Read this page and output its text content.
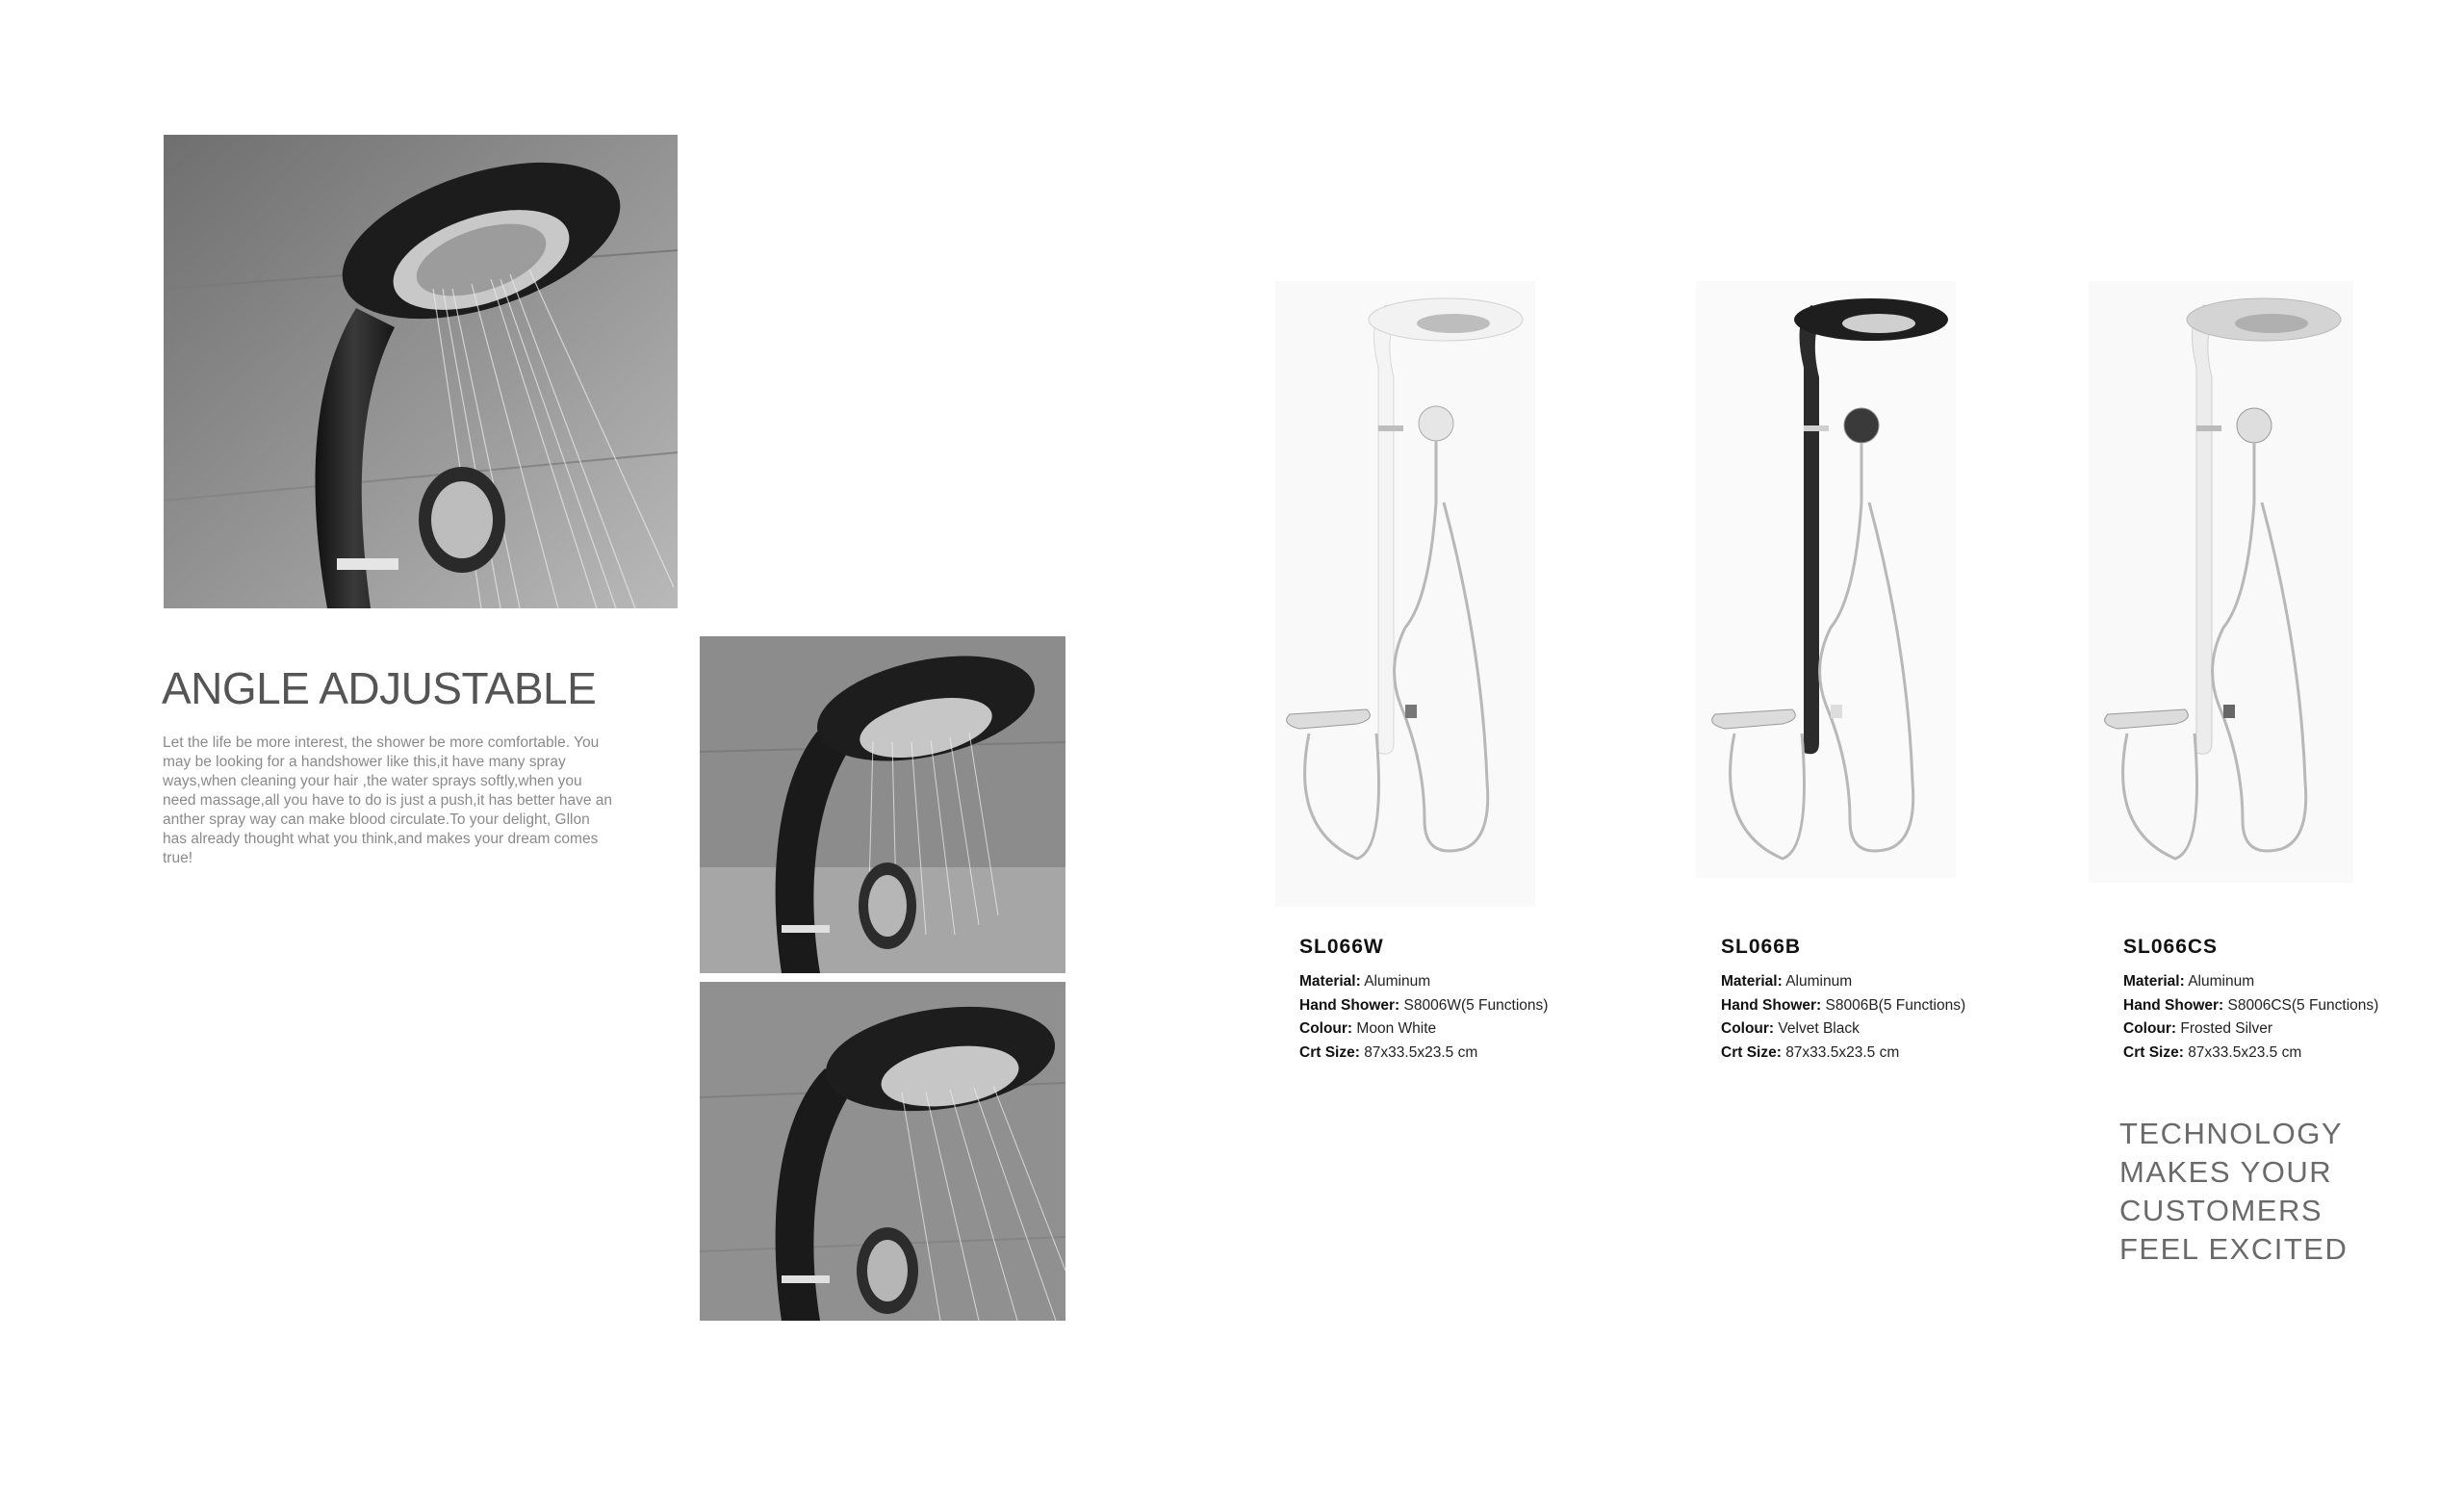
ANGLE ADJUSTABLE

Let the life be more interest, the shower be more comfortable. You may be looking for a handshower like this,it have many spray ways,when cleaning your hair ,the water sprays softly,when you need massage,all you have to do is just a push,it has better have an anther spray way can make blood circulate.To your delight, Gllon has already thought what you think,and makes your dream comes true!

SL066W

Material: Aluminum

Hand Shower: S8006W(5 Functions)

Colour: Moon White

Crt Size: 87x33.5x23.5 cm

SL066B

Material: Aluminum

Hand Shower: S8006B(5 Functions)

Colour: Velvet Black

Crt Size: 87x33.5x23.5 cm

SL066CS

Material: Aluminum

Hand Shower: S8006CS(5 Functions)

Colour: Frosted Silver

Crt Size: 87x33.5x23.5 cm

TECHNOLOGY
MAKES YOUR
CUSTOMERS
FEEL EXCITED
